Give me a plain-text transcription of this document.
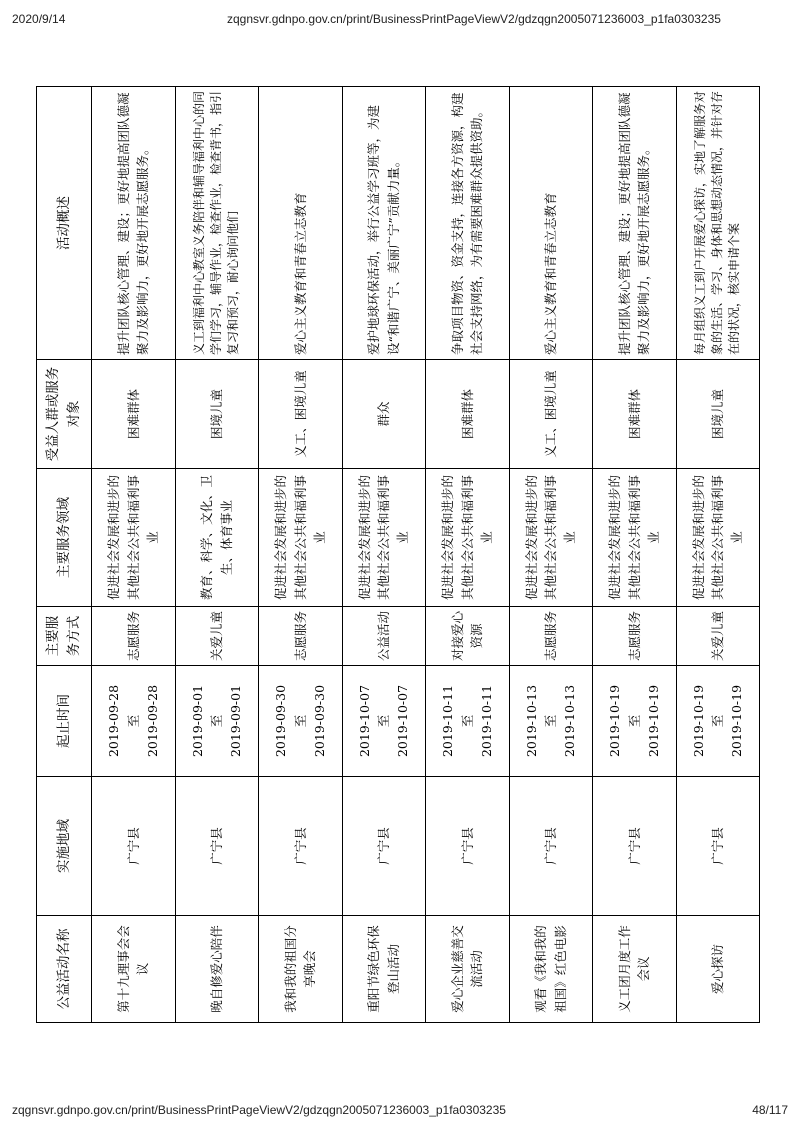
2020/9/14	zqgnsvr.gdnpo.gov.cn/print/BusinessPrintPageViewV2/gdzqgn2005071236003_p1fa0303235
公益活动名称	实施地域	起止时间	主要服务方式	主要服务领域	受益人群或服务对象	活动概述
第十九理事会会议	广宁县	2019-09-28 至 2019-09-28	志愿服务	促进社会发展和进步的其他社会公共和福利事业	困难群体	提升团队核心管理、建设；更好地提高团队德凝聚力及影响力，更好地开展志愿服务。
晚自修爱心陪伴	广宁县	2019-09-01 至 2019-09-01	关爱儿童	教育、科学、文化、卫生、体育事业	困境儿童	义工到福利中心教室义务陪伴和辅导福利中心的同学们学习，辅导作业，检查作业，检查背书，指引复习和预习，耐心询问他们
我和我的祖国分享晚会	广宁县	2019-09-30 至 2019-09-30	志愿服务	促进社会发展和进步的其他社会公共和福利事业	义工、困境儿童	爱心主义教育和青春立志教育
重阳节绿色环保登山活动	广宁县	2019-10-07 至 2019-10-07	公益活动	促进社会发展和进步的其他社会公共和福利事业	群众	爱护地球环保活动，举行公益学习班等，为建设“和谐广宁、美丽广宁”贡献力量。
爱心企业慈善交流活动	广宁县	2019-10-11 至 2019-10-11	对接爱心资源	促进社会发展和进步的其他社会公共和福利事业	困难群体	争取项目物资、资金支持，连接各方资源，构建社会支持网络，为有需要困难群众提供资助。
观看《我和我的祖国》红色电影	广宁县	2019-10-13 至 2019-10-13	志愿服务	促进社会发展和进步的其他社会公共和福利事业	义工、困境儿童	爱心主义教育和青春立志教育
义工团月度工作会议	广宁县	2019-10-19 至 2019-10-19	志愿服务	促进社会发展和进步的其他社会公共和福利事业	困难群体	提升团队核心管理、建设；更好地提高团队德凝聚力及影响力，更好地开展志愿服务。
爱心探访	广宁县	2019-10-19 至 2019-10-19	关爱儿童	促进社会发展和进步的其他社会公共和福利事业	困境儿童	每月组织义工到户开展爱心探访，实地了解服务对象的生活、学习、身体和思想动态情况，并针对存在的状况，核实申请个案
zqgnsvr.gdnpo.gov.cn/print/BusinessPrintPageViewV2/gdzqgn2005071236003_p1fa0303235	48/117
